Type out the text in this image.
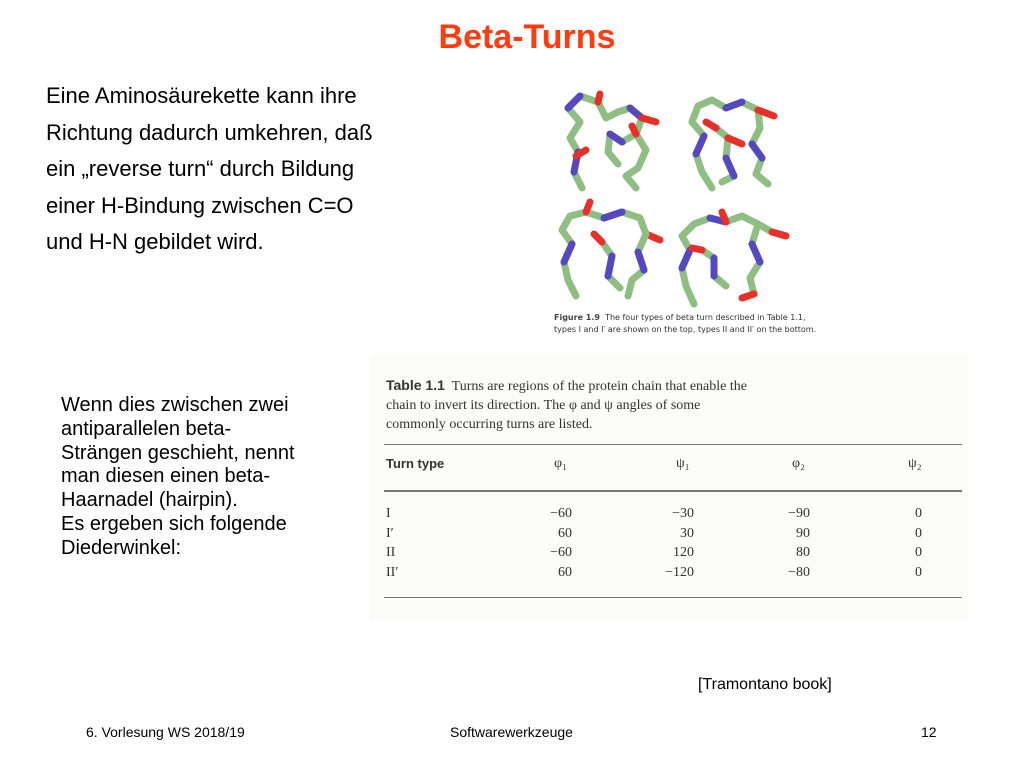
Beta-Turns
Eine Aminosäurekette kann ihre
Richtung dadurch umkehren, daß
ein „reverse turn“ durch Bildung
einer H-Bindung zwischen C=O
und H-N gebildet wird.
Figure 1.9 The four types of beta turn described in Table 1.1,
types I and I′ are shown on the top, types II and II′ on the bottom.
Wenn dies zwischen zwei
antiparallelen beta-
Strängen geschieht, nennt
man diesen einen beta-
Haarnadel (hairpin).
Es ergeben sich folgende
Diederwinkel:
Table 1.1 Turns are regions of the protein chain that enable the
chain to invert its direction. The φ and ψ angles of some
commonly occurring turns are listed.
Turn type	φ₁	ψ₁	φ₂	ψ₂
I	−60	−30	−90	0
I′	60	30	90	0
II	−60	120	80	0
II′	60	−120	−80	0
[Tramontano book]
6. Vorlesung WS 2018/19	Softwarewerkzeuge	12
